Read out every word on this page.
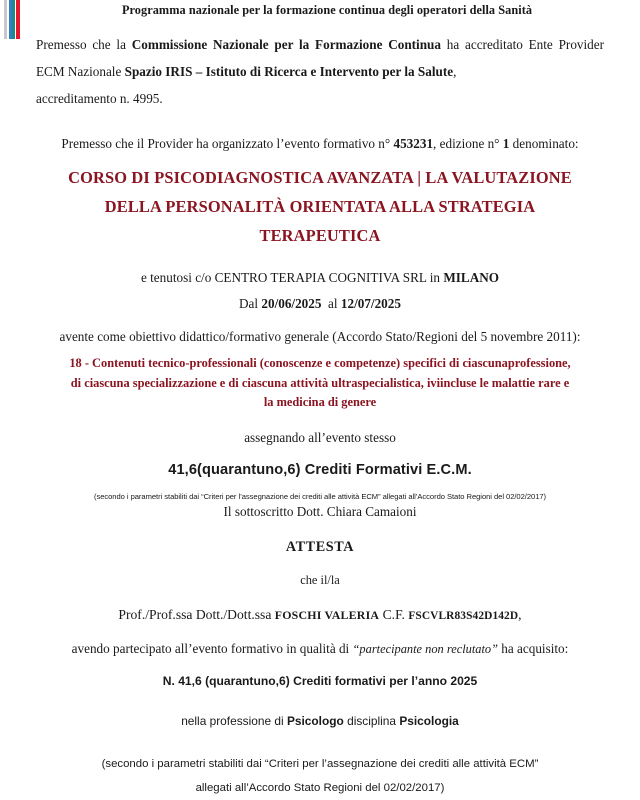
Programma nazionale per la formazione continua degli operatori della Sanità
Premesso che la Commissione Nazionale per la Formazione Continua ha accreditato Ente Provider ECM Nazionale Spazio IRIS – Istituto di Ricerca e Intervento per la Salute,
accreditamento n. 4995.
Premesso che il Provider ha organizzato l’evento formativo n° 453231, edizione n° 1 denominato:
CORSO DI PSICODIAGNOSTICA AVANZATA | LA VALUTAZIONE
DELLA PERSONALITÀ ORIENTATA ALLA STRATEGIA
TERAPEUTICA
e tenutosi c/o CENTRO TERAPIA COGNITIVA SRL in MILANO
Dal 20/06/2025 al 12/07/2025
avente come obiettivo didattico/formativo generale (Accordo Stato/Regioni del 5 novembre 2011):
18 - Contenuti tecnico-professionali (conoscenze e competenze) specifici di ciascunaprofessione,
di ciascuna specializzazione e di ciascuna attività ultraspecialistica, iviincluse le malattie rare e
la medicina di genere
assegnando all’evento stesso
41,6(quarantuno,6) Crediti Formativi E.C.M.
(secondo i parametri stabiliti dai “Criteri per l’assegnazione dei crediti alle attività ECM” allegati all’Accordo Stato Regioni del 02/02/2017)
Il sottoscritto Dott. Chiara Camaioni
ATTESTA
che il/la
Prof./Prof.ssa Dott./Dott.ssa FOSCHI VALERIA C.F. FSCVLR83S42D142D,
avendo partecipato all’evento formativo in qualità di “partecipante non reclutato” ha acquisito:
N. 41,6 (quarantuno,6) Crediti formativi per l’anno 2025
nella professione di Psicologo disciplina Psicologia
(secondo i parametri stabiliti dai “Criteri per l’assegnazione dei crediti alle attività ECM”
allegati all’Accordo Stato Regioni del 02/02/2017)
